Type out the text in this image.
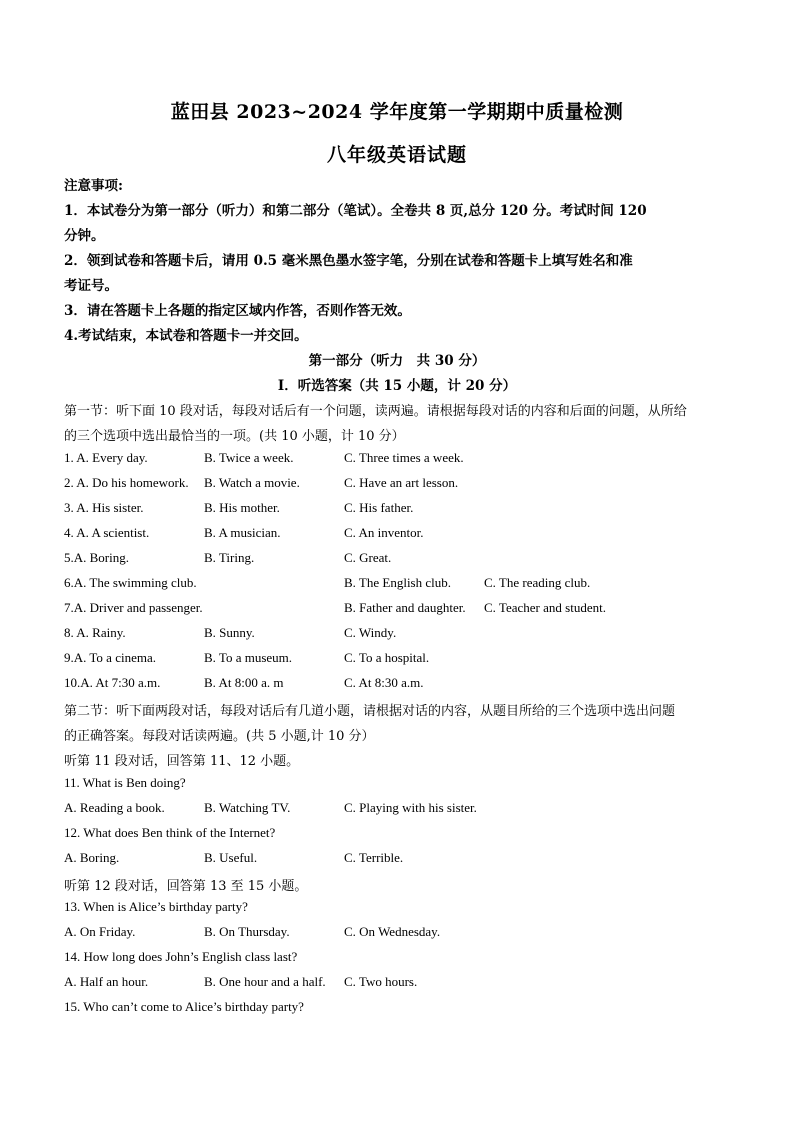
蓝田县 2023~2024 学年度第一学期期中质量检测
八年级英语试题
注意事项:
1．本试卷分为第一部分（听力）和第二部分（笔试）。全卷共 8 页,总分 120 分。考试时间 120
分钟。
2．领到试卷和答题卡后，请用 0.5 毫米黑色墨水签字笔，分别在试卷和答题卡上填写姓名和准
考证号。
3．请在答题卡上各题的指定区域内作答，否则作答无效。
4.考试结束，本试卷和答题卡一并交回。
第一部分（听力　共 30 分）
Ⅰ．听选答案（共 15 小题，计 20 分）
第一节：听下面 10 段对话，每段对话后有一个问题，读两遍。请根据每段对话的内容和后面的问题，从所给
的三个选项中选出最恰当的一项。(共 10 小题，计 10 分）
1. A. Every day.	B. Twice a week.	C. Three times a week.
2. A. Do his homework. B. Watch a movie.	C. Have an art lesson.
3. A. His sister.	B. His mother.	C. His father.
4. A. A scientist.	B. A musician.	C. An inventor.
5.A. Boring.	B. Tiring.	C. Great.
6.A. The swimming club.	B. The English club.	C. The reading club.
7.A. Driver and passenger.	B. Father and daughter. C. Teacher and student.
8. A. Rainy.	B. Sunny.	C. Windy.
9.A. To a cinema.	B. To a museum.	C. To a hospital.
10.A. At 7:30 a.m.	B. At 8:00 a. m	C. At 8:30 a.m.
第二节：听下面两段对话，每段对话后有几道小题，请根据对话的内容，从题目所给的三个选项中选出问题
的正确答案。每段对话读两遍。(共 5 小题,计 10 分）
听第 11 段对话，回答第 11、12 小题。
11. What is Ben doing?
A. Reading a book.	B. Watching TV.	C. Playing with his sister.
12. What does Ben think of the Internet?
A. Boring.	B. Useful.	C. Terrible.
听第 12 段对话，回答第 13 至 15 小题。
13. When is Alice’s birthday party?
A. On Friday.	B. On Thursday.	C. On Wednesday.
14. How long does John’s English class last?
A. Half an hour.	B. One hour and a half. C. Two hours.
15. Who can’t come to Alice’s birthday party?
